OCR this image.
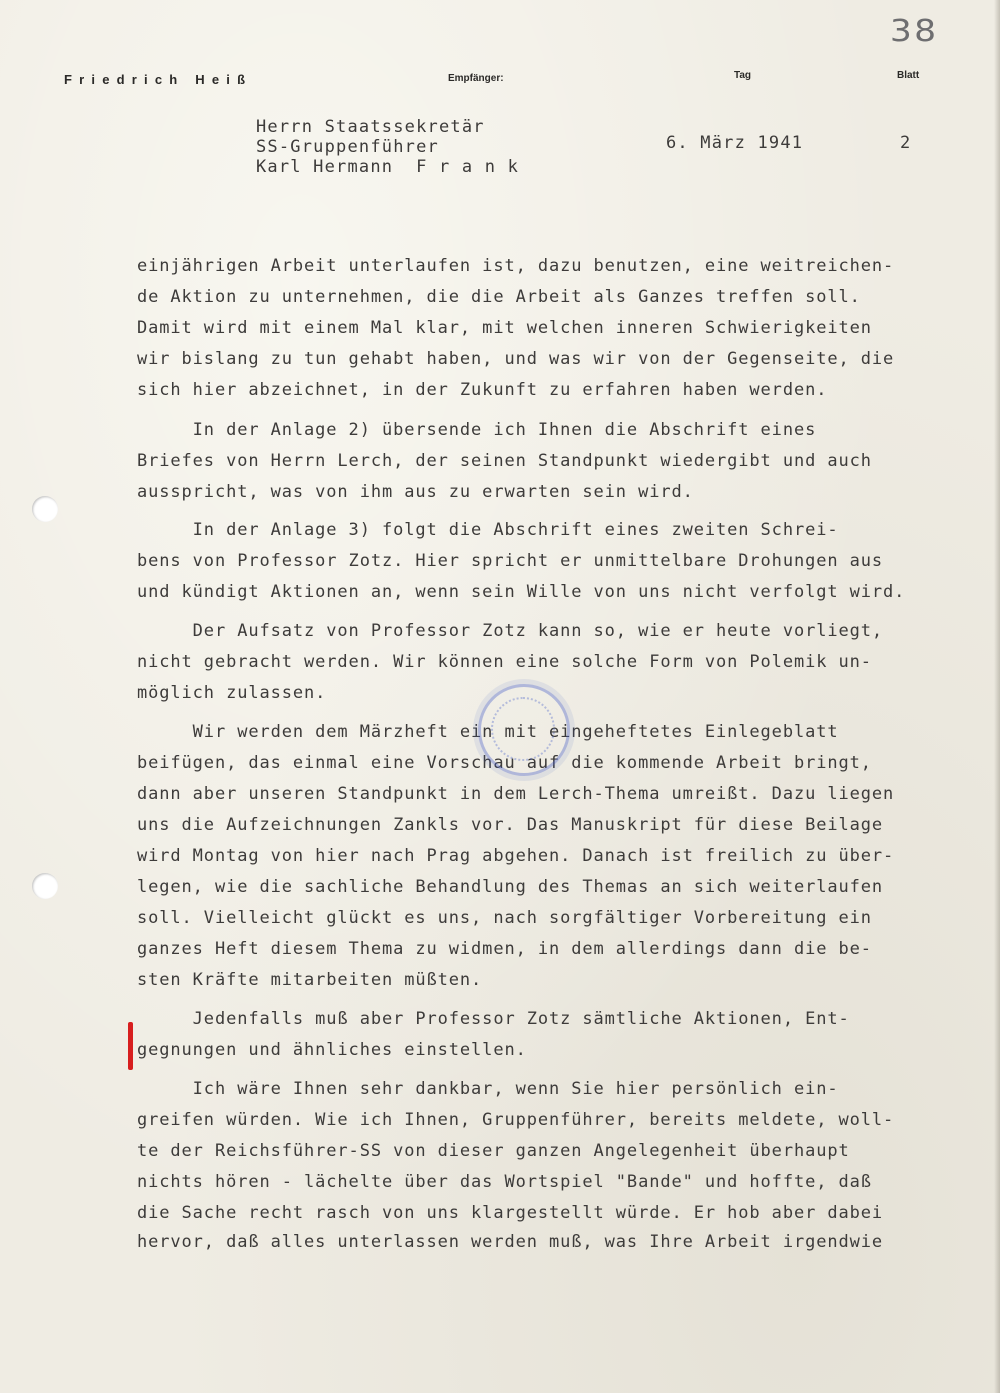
38
Friedrich Heiß	Empfänger:	Tag	Blatt

Herrn Staatssekretär

SS-Gruppenführer

Karl Hermann  F r a n k

6. März 1941	2
einjährigen Arbeit unterlaufen ist, dazu benutzen, eine weitreichen-
de Aktion zu unternehmen, die die Arbeit als Ganzes treffen soll.
Damit wird mit einem Mal klar, mit welchen inneren Schwierigkeiten
wir bislang zu tun gehabt haben, und was wir von der Gegenseite, die
sich hier abzeichnet, in der Zukunft zu erfahren haben werden.
In der Anlage 2) übersende ich Ihnen die Abschrift eines
Briefes von Herrn Lerch, der seinen Standpunkt wiedergibt und auch
ausspricht, was von ihm aus zu erwarten sein wird.
In der Anlage 3) folgt die Abschrift eines zweiten Schrei-
bens von Professor Zotz. Hier spricht er unmittelbare Drohungen aus
und kündigt Aktionen an, wenn sein Wille von uns nicht verfolgt wird.
Der Aufsatz von Professor Zotz kann so, wie er heute vorliegt,
nicht gebracht werden. Wir können eine solche Form von Polemik un-
möglich zulassen.
Wir werden dem Märzheft ein mit eingeheftetes Einlegeblatt
beifügen, das einmal eine Vorschau auf die kommende Arbeit bringt,
dann aber unseren Standpunkt in dem Lerch-Thema umreißt. Dazu liegen
uns die Aufzeichnungen Zankls vor. Das Manuskript für diese Beilage
wird Montag von hier nach Prag abgehen. Danach ist freilich zu über-
legen, wie die sachliche Behandlung des Themas an sich weiterlaufen
soll. Vielleicht glückt es uns, nach sorgfältiger Vorbereitung ein
ganzes Heft diesem Thema zu widmen, in dem allerdings dann die be-
sten Kräfte mitarbeiten müßten.
Jedenfalls muß aber Professor Zotz sämtliche Aktionen, Ent-
gegnungen und ähnliches einstellen.
Ich wäre Ihnen sehr dankbar, wenn Sie hier persönlich ein-
greifen würden. Wie ich Ihnen, Gruppenführer, bereits meldete, woll-
te der Reichsführer-SS von dieser ganzen Angelegenheit überhaupt
nichts hören - lächelte über das Wortspiel "Bande" und hoffte, daß
die Sache recht rasch von uns klargestellt würde. Er hob aber dabei
hervor, daß alles unterlassen werden muß, was Ihre Arbeit irgendwie
